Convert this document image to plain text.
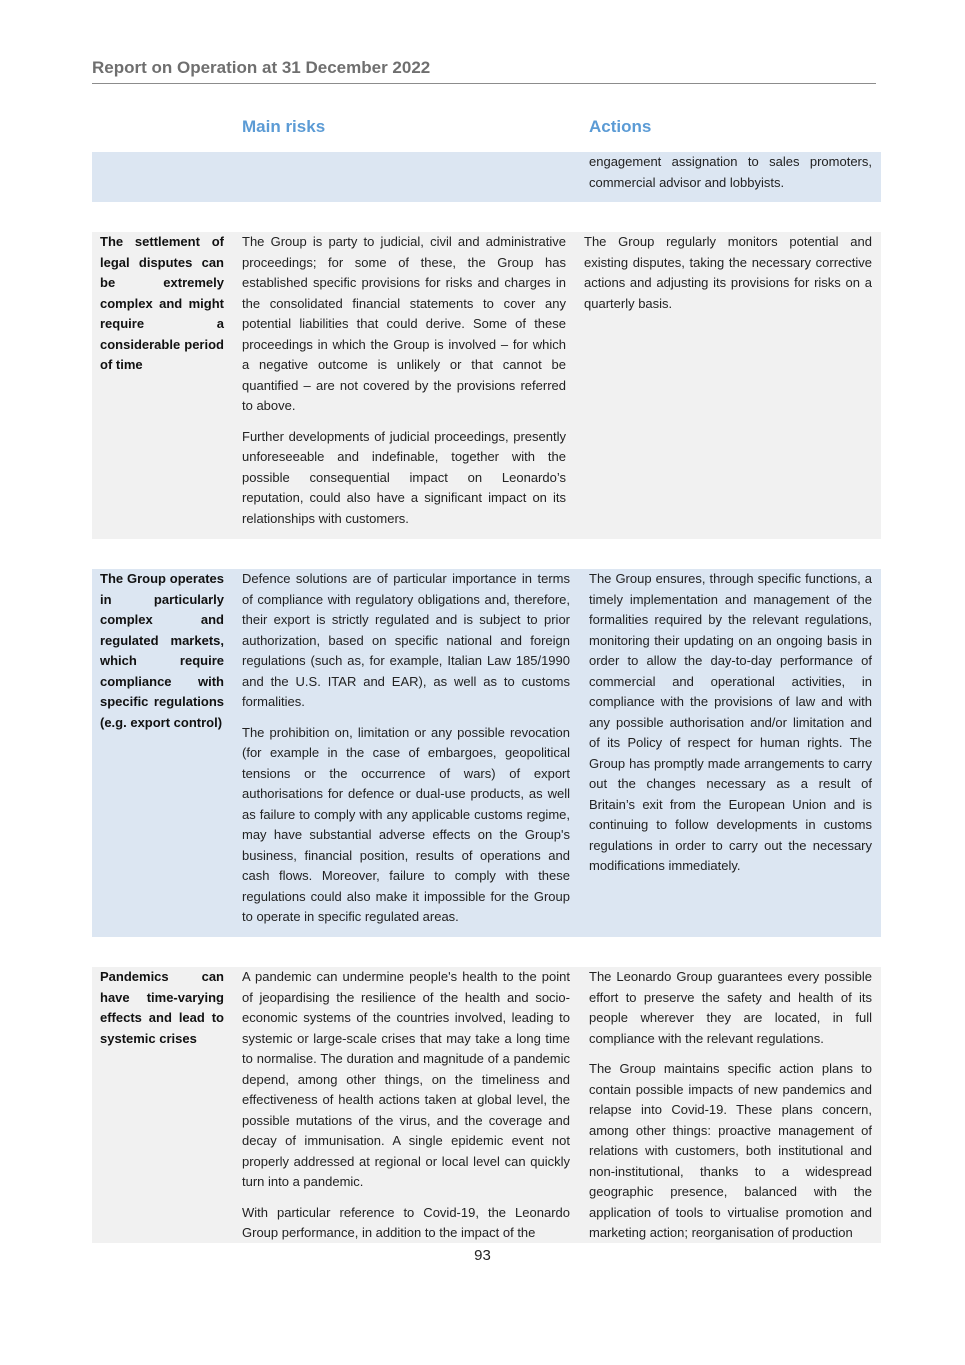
Report on Operation at 31 December 2022
Main risks	Actions

engagement assignation to sales promoters, commercial advisor and lobbyists.

The settlement of legal disputes can be extremely complex and might require a considerable period of time

The Group is party to judicial, civil and administrative proceedings; for some of these, the Group has established specific provisions for risks and charges in the consolidated financial statements to cover any potential liabilities that could derive. Some of these proceedings in which the Group is involved – for which a negative outcome is unlikely or that cannot be quantified – are not covered by the provisions referred to above.

Further developments of judicial proceedings, presently unforeseeable and indefinable, together with the possible consequential impact on Leonardo’s reputation, could also have a significant impact on its relationships with customers.

The Group regularly monitors potential and existing disputes, taking the necessary corrective actions and adjusting its provisions for risks on a quarterly basis.

The Group operates in particularly complex and regulated markets, which require compliance with specific regulations (e.g. export control)

Defence solutions are of particular importance in terms of compliance with regulatory obligations and, therefore, their export is strictly regulated and is subject to prior authorization, based on specific national and foreign regulations (such as, for example, Italian Law 185/1990 and the U.S. ITAR and EAR), as well as to customs formalities.

The prohibition on, limitation or any possible revocation (for example in the case of embargoes, geopolitical tensions or the occurrence of wars) of export authorisations for defence or dual-use products, as well as failure to comply with any applicable customs regime, may have substantial adverse effects on the Group's business, financial position, results of operations and cash flows. Moreover, failure to comply with these regulations could also make it impossible for the Group to operate in specific regulated areas.

The Group ensures, through specific functions, a timely implementation and management of the formalities required by the relevant regulations, monitoring their updating on an ongoing basis in order to allow the day-to-day performance of commercial and operational activities, in compliance with the provisions of law and with any possible authorisation and/or limitation and of its Policy of respect for human rights. The Group has promptly made arrangements to carry out the changes necessary as a result of Britain’s exit from the European Union and is continuing to follow developments in customs regulations in order to carry out the necessary modifications immediately.

Pandemics can have time-varying effects and lead to systemic crises

A pandemic can undermine people's health to the point of jeopardising the resilience of the health and socio-economic systems of the countries involved, leading to systemic or large-scale crises that may take a long time to normalise. The duration and magnitude of a pandemic depend, among other things, on the timeliness and effectiveness of health actions taken at global level, the possible mutations of the virus, and the coverage and decay of immunisation. A single epidemic event not properly addressed at regional or local level can quickly turn into a pandemic.

With particular reference to Covid-19, the Leonardo Group performance, in addition to the impact of the

The Leonardo Group guarantees every possible effort to preserve the safety and health of its people wherever they are located, in full compliance with the relevant regulations.

The Group maintains specific action plans to contain possible impacts of new pandemics and relapse into Covid-19. These plans concern, among other things: proactive management of relations with customers, both institutional and non-institutional, thanks to a widespread geographic presence, balanced with the application of tools to virtualise promotion and marketing action; reorganisation of production

93
